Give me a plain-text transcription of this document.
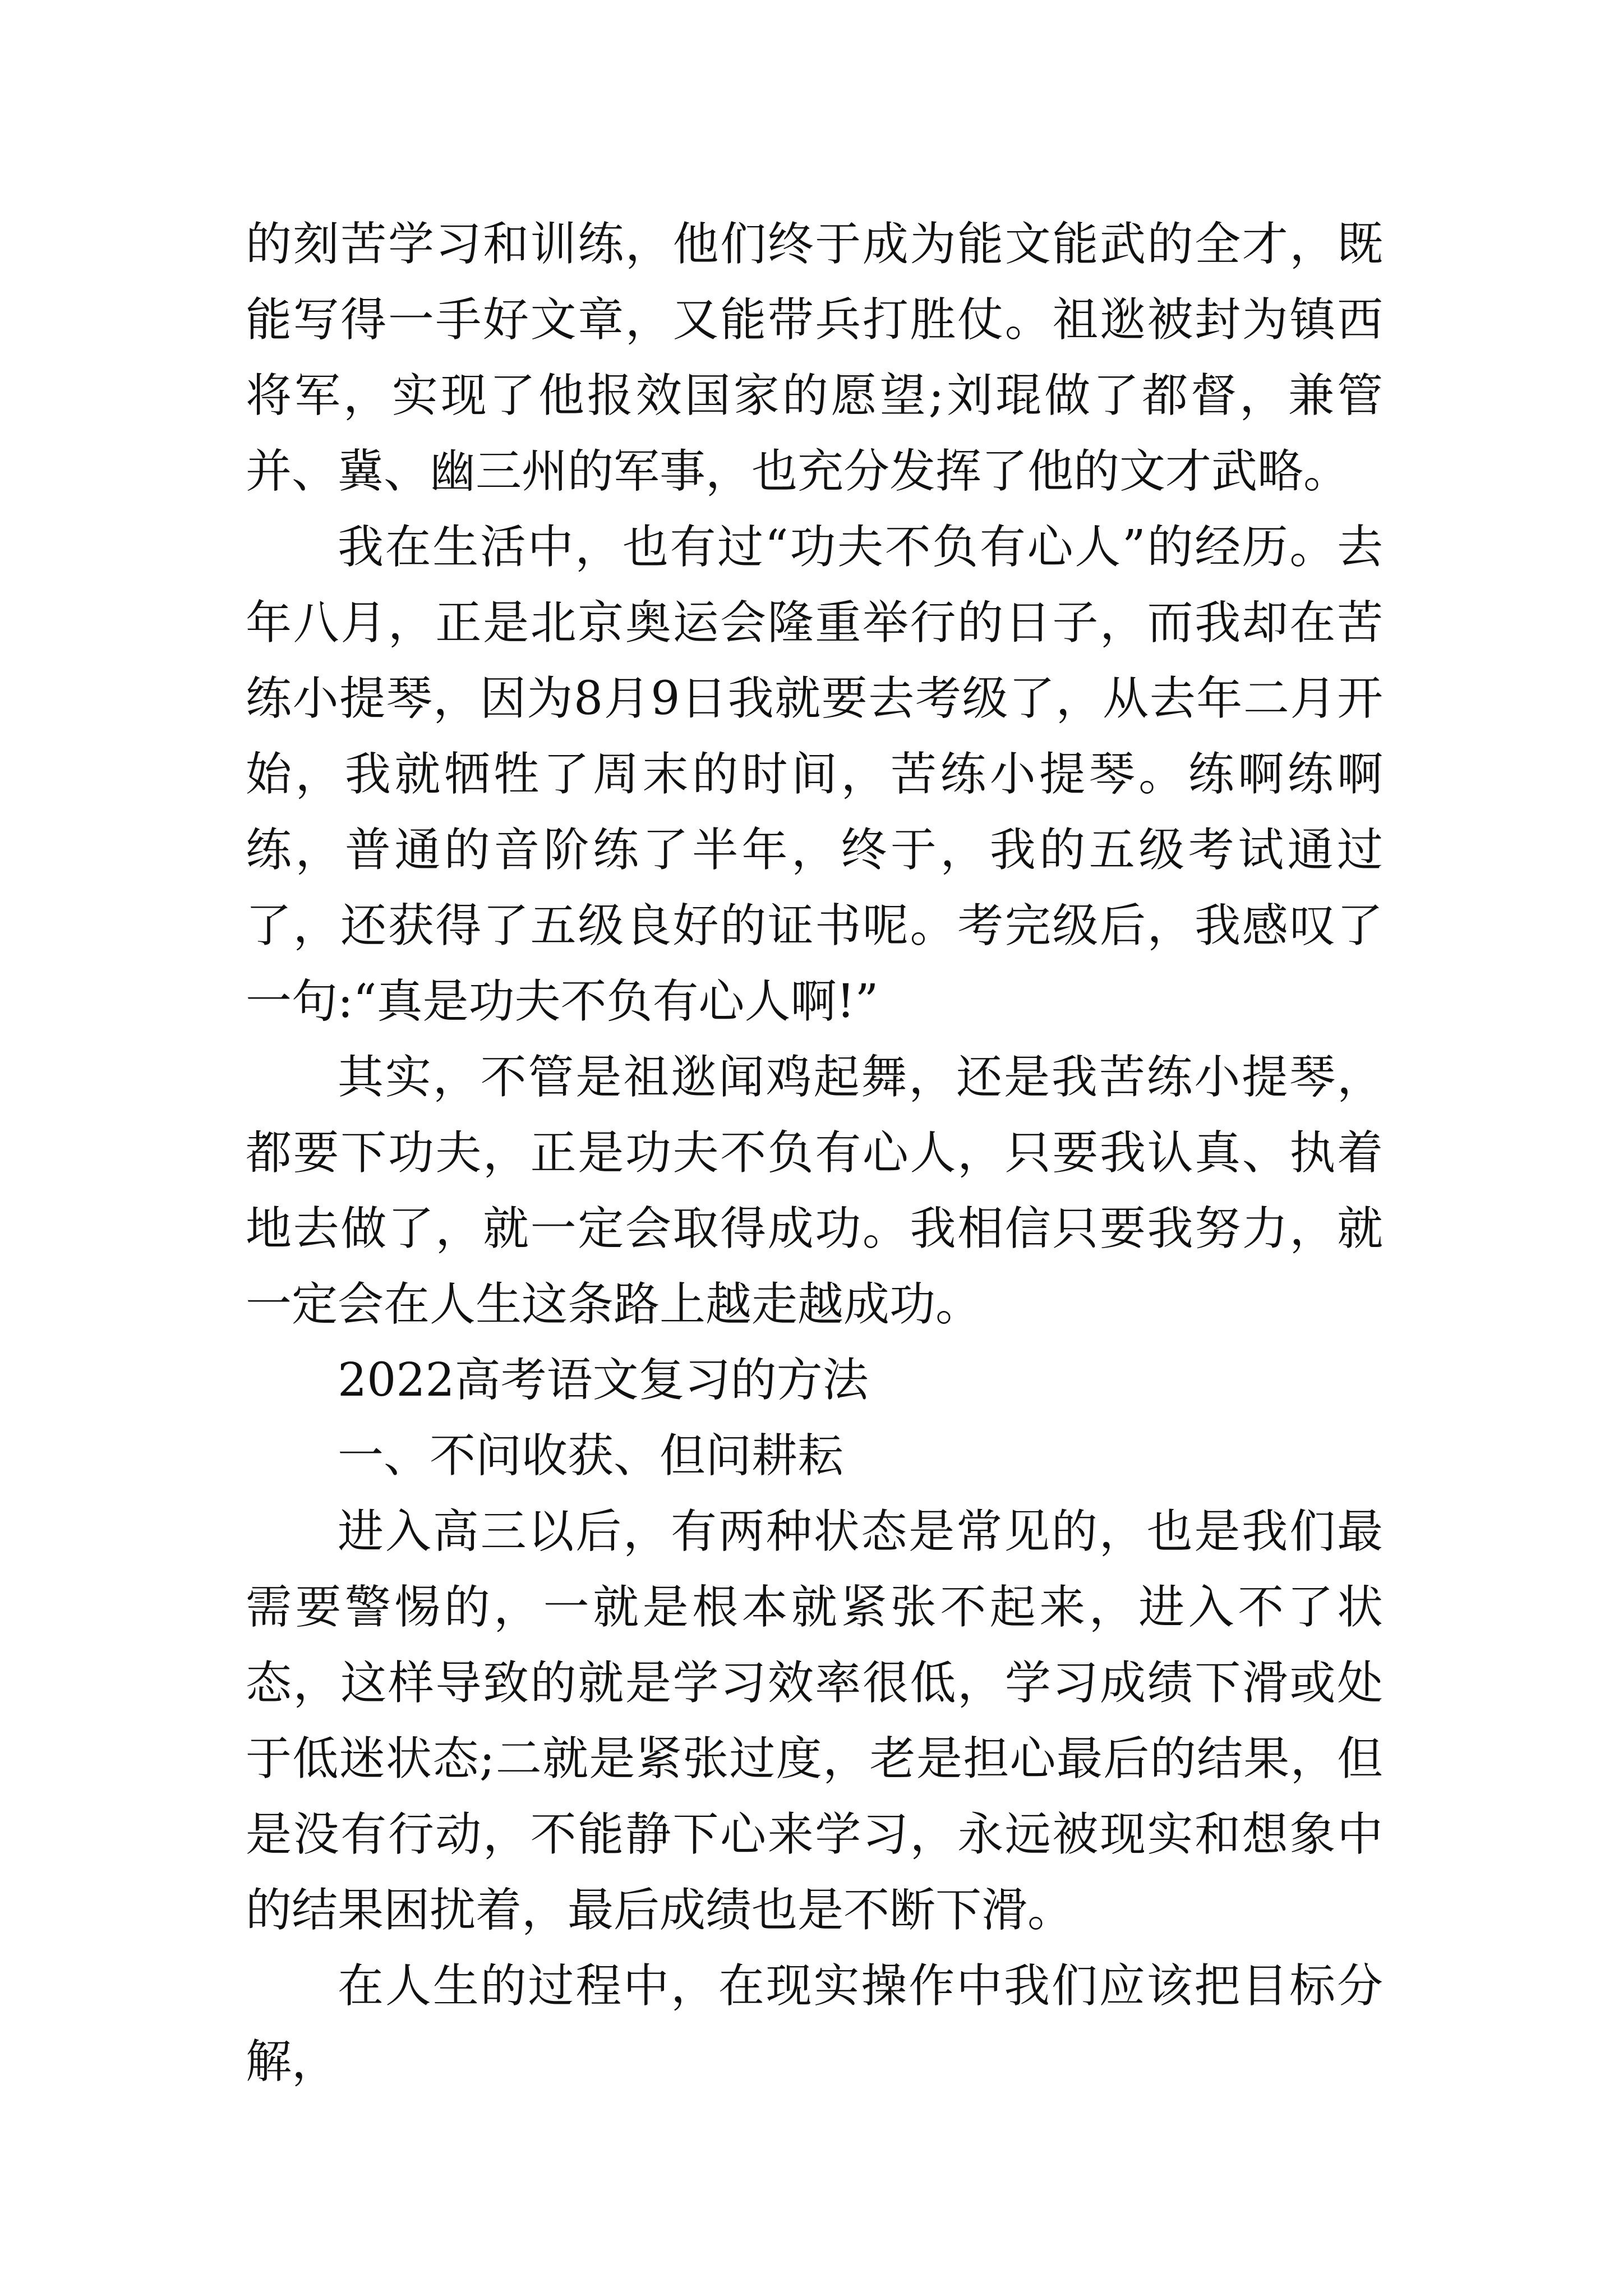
的刻苦学习和训练，他们终于成为能文能武的全才，既能写得一手好文章，又能带兵打胜仗。祖逖被封为镇西将军，实现了他报效国家的愿望;刘琨做了都督，兼管并、冀、幽三州的军事，也充分发挥了他的文才武略。

我在生活中，也有过“功夫不负有心人”的经历。去年八月，正是北京奥运会隆重举行的日子，而我却在苦练小提琴，因为8月9日我就要去考级了，从去年二月开始，我就牺牲了周末的时间，苦练小提琴。练啊练啊练，普通的音阶练了半年，终于，我的五级考试通过了，还获得了五级良好的证书呢。考完级后，我感叹了一句:“真是功夫不负有心人啊!”

其实，不管是祖逖闻鸡起舞，还是我苦练小提琴，都要下功夫，正是功夫不负有心人，只要我认真、执着地去做了，就一定会取得成功。我相信只要我努力，就一定会在人生这条路上越走越成功。

2022高考语文复习的方法

一、不问收获、但问耕耘

进入高三以后，有两种状态是常见的，也是我们最需要警惕的，一就是根本就紧张不起来，进入不了状态，这样导致的就是学习效率很低，学习成绩下滑或处于低迷状态;二就是紧张过度，老是担心最后的结果，但是没有行动，不能静下心来学习，永远被现实和想象中的结果困扰着，最后成绩也是不断下滑。

在人生的过程中，在现实操作中我们应该把目标分解，
